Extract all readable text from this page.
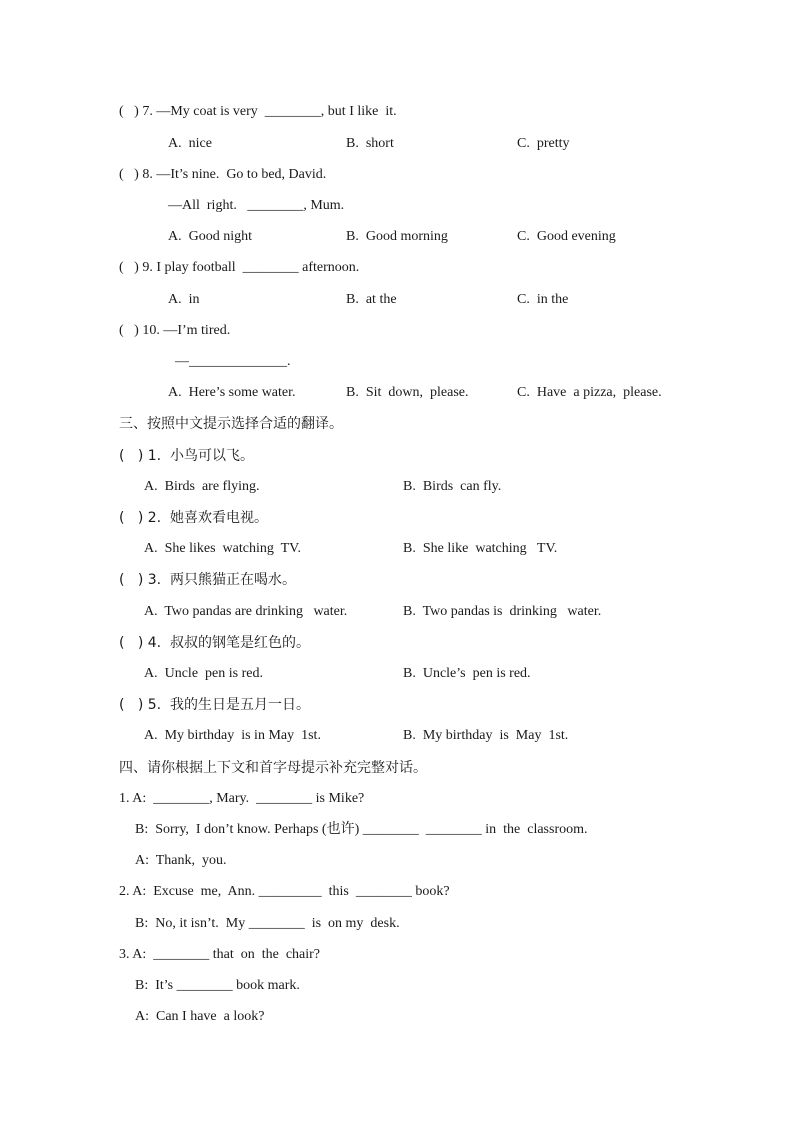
(   ) 7. —My coat is very  ________, but I like  it.
A.  nice	B.  short	C.  pretty
(   ) 8. —It’s nine.  Go to bed, David.
—All  right.   ________, Mum.
A.  Good night	B.  Good morning	C.  Good evening
(   ) 9. I play football  ________ afternoon.
A.  in	B.  at the	C.  in the
(   ) 10. —I’m tired.
—______________.
A.  Here’s some water.	B.  Sit  down,  please.	C.  Have  a pizza,  please.
三、按照中文提示选择合适的翻译。
(   ) 1.  小鸟可以飞。
A.  Birds  are flying.	B.  Birds  can fly.
(   ) 2.  她喜欢看电视。
A.  She likes  watching  TV.	B.  She like  watching   TV.
(   ) 3.  两只熊猫正在喝水。
A.  Two pandas are drinking   water.	B.  Two pandas is  drinking   water.
(   ) 4.  叔叔的钢笔是红色的。
A.  Uncle  pen is red.	B.  Uncle’s  pen is red.
(   ) 5.  我的生日是五月一日。
A.  My birthday  is in May  1st.	B.  My birthday  is  May  1st.
四、请你根据上下文和首字母提示补充完整对话。
1. A:  ________, Mary.  ________ is Mike?
B:  Sorry,  I don’t know. Perhaps (也许) ________  ________ in  the  classroom.
A:  Thank,  you.
2. A:  Excuse  me,  Ann. _________  this  ________ book?
B:  No, it isn’t.  My ________  is  on my  desk.
3. A:  ________ that  on  the  chair?
B:  It’s ________ book mark.
A:  Can I have  a look?
